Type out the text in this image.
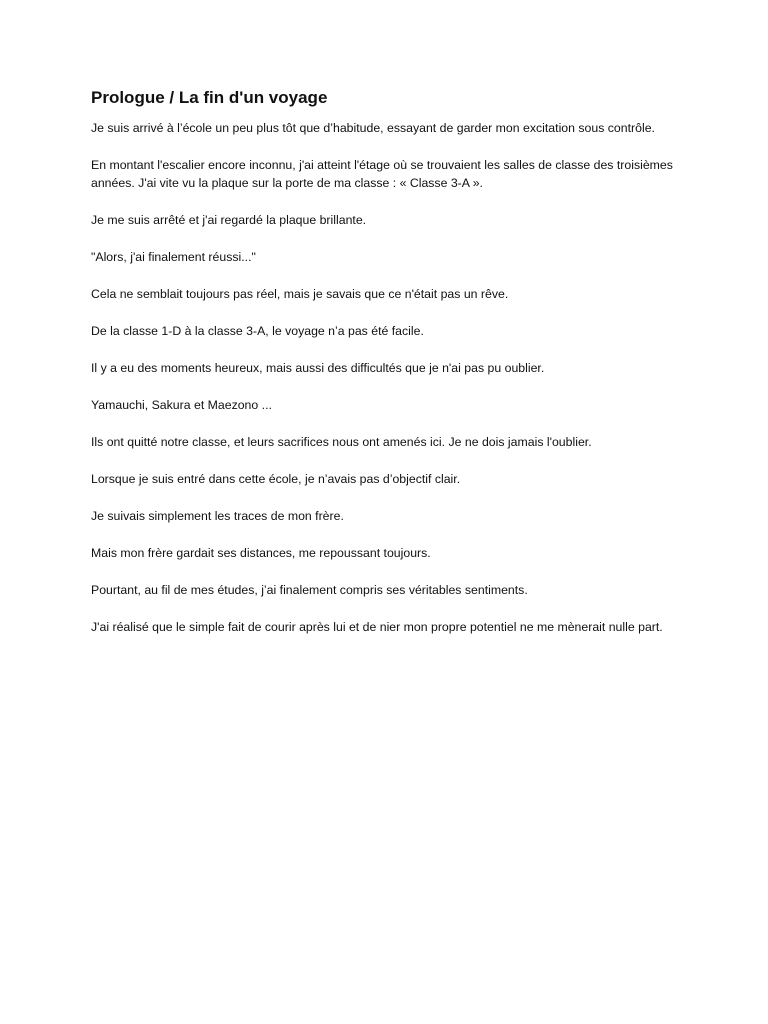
Prologue / La fin d'un voyage

Je suis arrivé à l’école un peu plus tôt que d’habitude, essayant de garder mon excitation sous contrôle.

En montant l'escalier encore inconnu, j'ai atteint l'étage où se trouvaient les salles de classe des troisièmes années. J'ai vite vu la plaque sur la porte de ma classe : « Classe 3-A ».

Je me suis arrêté et j'ai regardé la plaque brillante.

"Alors, j'ai finalement réussi..."

Cela ne semblait toujours pas réel, mais je savais que ce n'était pas un rêve.

De la classe 1-D à la classe 3-A, le voyage n’a pas été facile.

Il y a eu des moments heureux, mais aussi des difficultés que je n'ai pas pu oublier.

Yamauchi, Sakura et Maezono ...

Ils ont quitté notre classe, et leurs sacrifices nous ont amenés ici. Je ne dois jamais l'oublier.

Lorsque je suis entré dans cette école, je n’avais pas d’objectif clair.

Je suivais simplement les traces de mon frère.

Mais mon frère gardait ses distances, me repoussant toujours.

Pourtant, au fil de mes études, j’ai finalement compris ses véritables sentiments.

J'ai réalisé que le simple fait de courir après lui et de nier mon propre potentiel ne me mènerait nulle part.
